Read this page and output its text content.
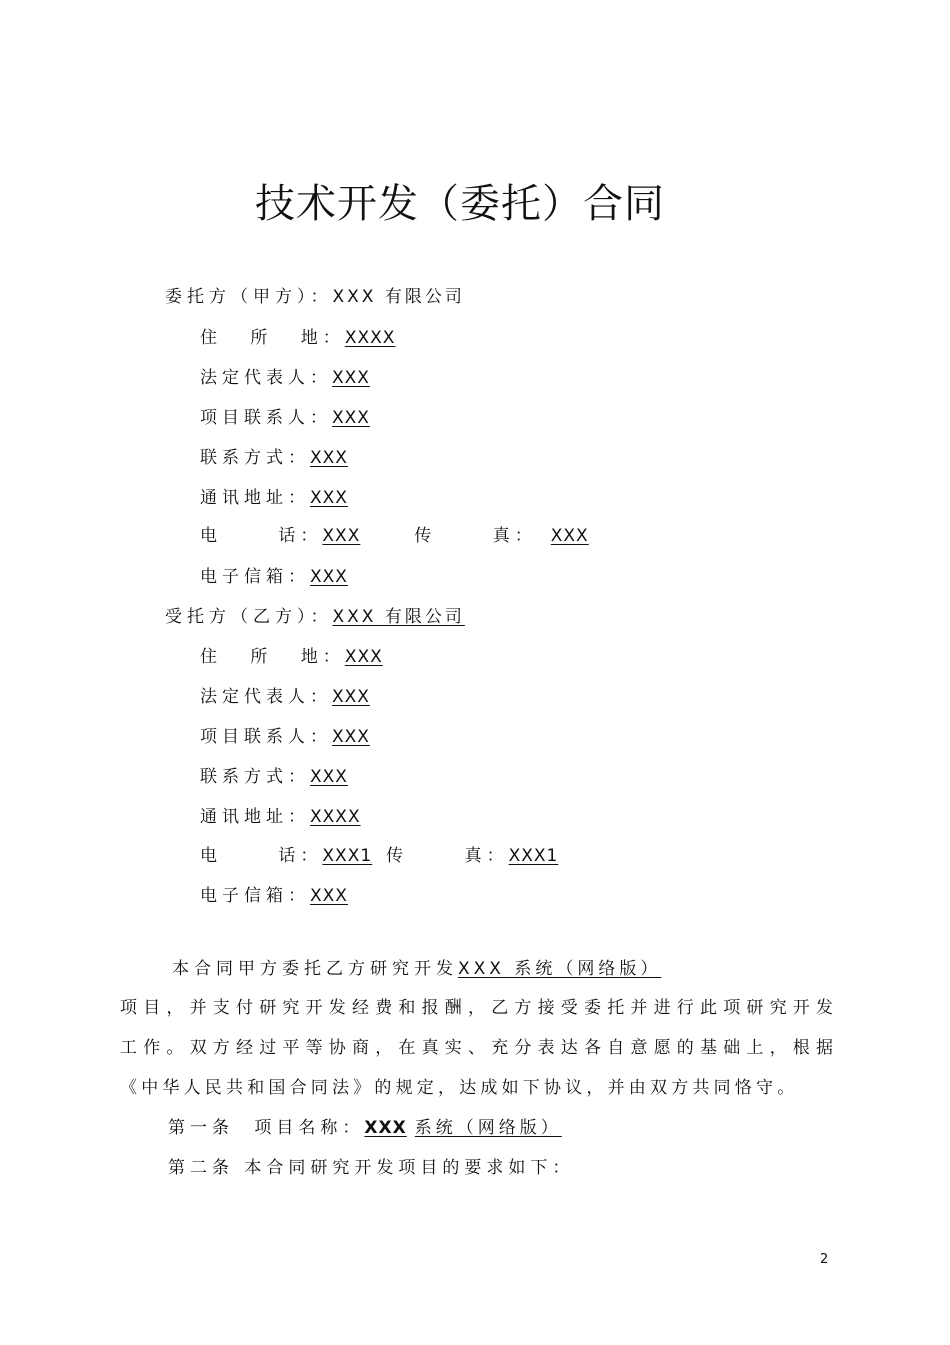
技术开发（委托）合同
委托方（甲方）：XXX 有限公司
住 所 地：XXXX
法定代表人：XXX
项目联系人：XXX
联系方式：XXX
通讯地址：XXX
电 话：XXX	传 真： XXX
电子信箱：XXX
受托方（乙方）：XXX 有限公司
住 所 地：XXX
法定代表人：XXX
项目联系人：XXX
联系方式：XXX
通讯地址：XXXX
电 话：XXX1 传 真：XXX1
电子信箱：XXX
本合同甲方委托乙方研究开发XXX 系统（网络版）
项目，并支付研究开发经费和报酬，乙方接受委托并进行此项研究开发
工作。双方经过平等协商，在真实、充分表达各自意愿的基础上，根据
《中华人民共和国合同法》的规定，达成如下协议，并由双方共同恪守。
第一条 项目名称：XXX 系统（网络版）
第二条 本合同研究开发项目的要求如下：
2
